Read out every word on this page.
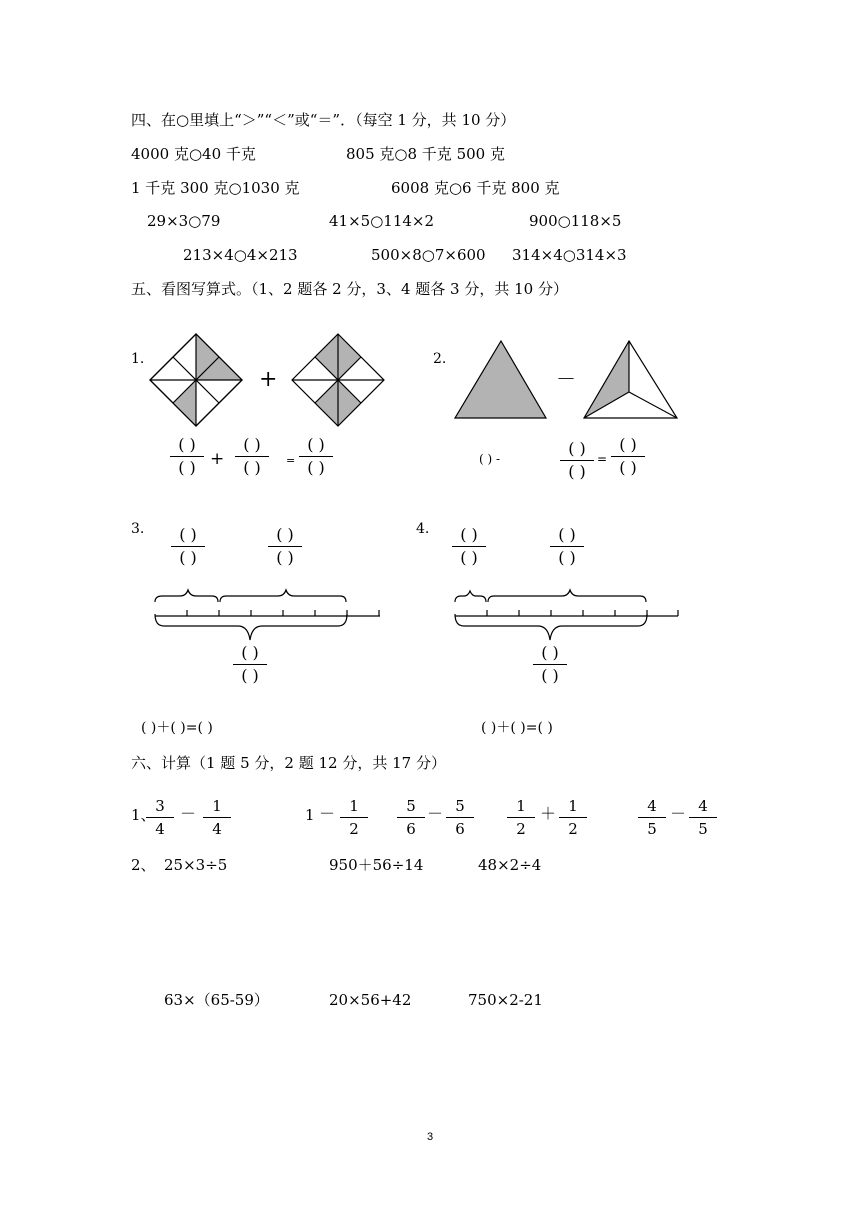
四、在○里填上“＞”“＜”或“＝”．（每空 1 分，共 10 分）
4000 克○40 千克	805 克○8 千克 500 克
1 千克 300 克○1030 克	6008 克○6 千克 800 克
29×3○79	41×5○114×2	900○118×5
213×4○4×213	500×8○7×600 314×4○314×3
五、看图写算式。（1、2 题各 2 分，3、4 题各 3 分，共 10 分）
1.
+
( )
( ) +
( )
( ) =
( )
( )
2.
－
( ) -
( )
( )
=
( )
( )
3. ( )
( )
( )
( )
( )
( )
( )＋( )=( )
4. ( )
( )
( )
( )
( )
( )
( )＋( )=( )
六、计算（1 题 5 分，2 题 12 分，共 17 分）
1、 3
4
－ 1
4
1 － 1
2
5
6
－ 5
6
1
2
＋ 1
2
4
5
－ 4
5
2、 25×3÷5	950＋56÷14	48×2÷4
63×（65-59）	20×56+42	750×2-21
3
